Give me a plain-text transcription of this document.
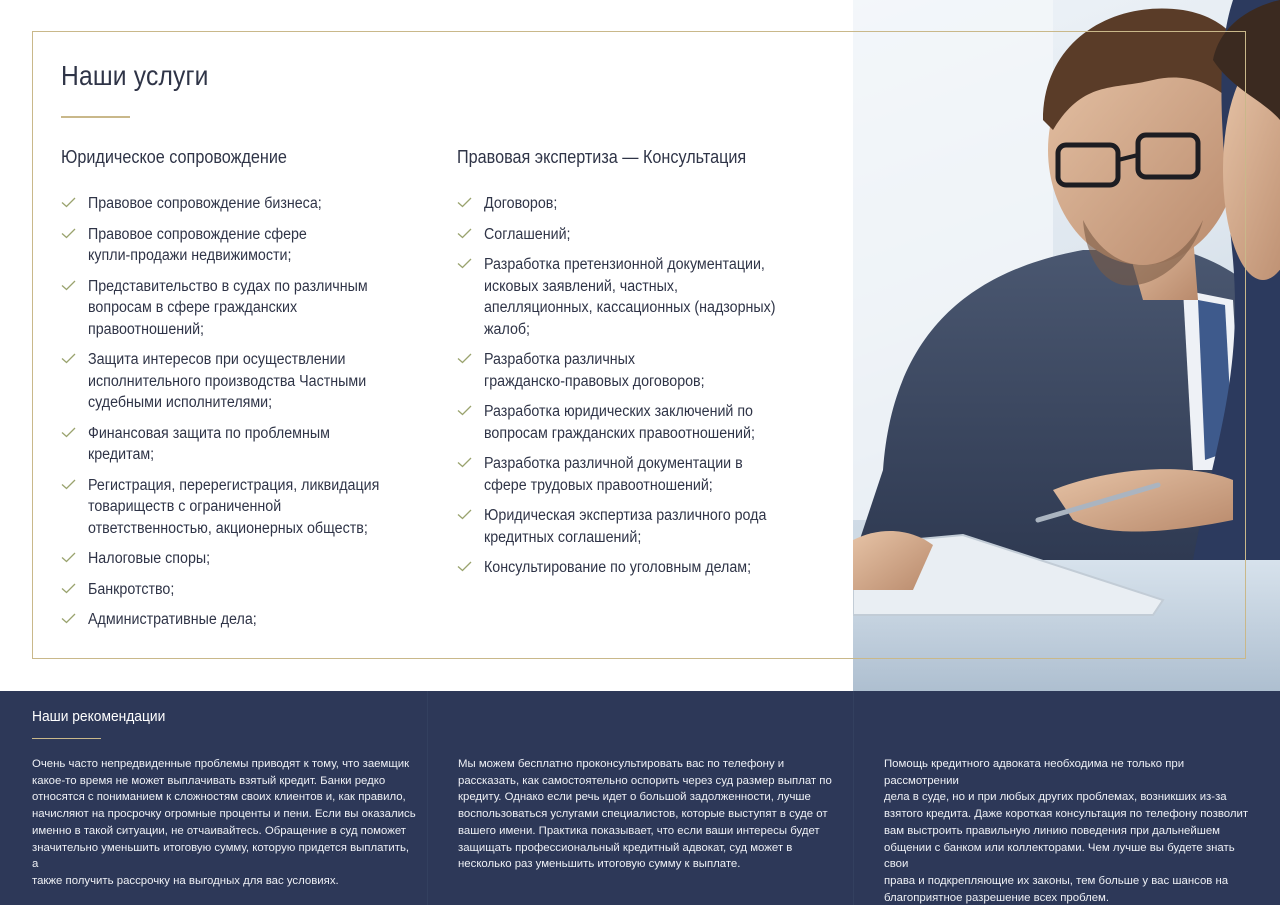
Наши услуги
Юридическое сопровождение	Правовая экспертиза — Консультация
Правовое сопровождение бизнеса;
Правовое сопровождение сфере
купли-продажи недвижимости;
Представительство в судах по различным
вопросам в сфере гражданских
правоотношений;
Защита интересов при осуществлении
исполнительного производства Частными
судебными исполнителями;
Финансовая защита по проблемным
кредитам;
Регистрация, перерегистрация, ликвидация
товариществ с ограниченной
ответственностью, акционерных обществ;
Налоговые споры;
Банкротство;
Административные дела;
Договоров;
Соглашений;
Разработка претензионной документации,
исковых заявлений, частных,
апелляционных, кассационных (надзорных)
жалоб;
Разработка различных
гражданско-правовых договоров;
Разработка юридических заключений по
вопросам гражданских правоотношений;
Разработка различной документации в
сфере трудовых правоотношений;
Юридическая экспертиза различного рода
кредитных соглашений;
Консультирование по уголовным делам;
Наши рекомендации
Очень часто непредвиденные проблемы приводят к тому, что заемщик
какое-то время не может выплачивать взятый кредит. Банки редко
относятся с пониманием к сложностям своих клиентов и, как правило,
начисляют на просрочку огромные проценты и пени. Если вы оказались
именно в такой ситуации, не отчаивайтесь. Обращение в суд поможет
значительно уменьшить итоговую сумму, которую придется выплатить, а
также получить рассрочку на выгодных для вас условиях.
Мы можем бесплатно проконсультировать вас по телефону и
рассказать, как самостоятельно оспорить через суд размер выплат по
кредиту. Однако если речь идет о большой задолженности, лучше
воспользоваться услугами специалистов, которые выступят в суде от
вашего имени. Практика показывает, что если ваши интересы будет
защищать профессиональный кредитный адвокат, суд может в
несколько раз уменьшить итоговую сумму к выплате.
Помощь кредитного адвоката необходима не только при рассмотрении
дела в суде, но и при любых других проблемах, возникших из-за
взятого кредита. Даже короткая консультация по телефону позволит
вам выстроить правильную линию поведения при дальнейшем
общении с банком или коллекторами. Чем лучше вы будете знать свои
права и подкрепляющие их законы, тем больше у вас шансов на
благоприятное разрешение всех проблем.
